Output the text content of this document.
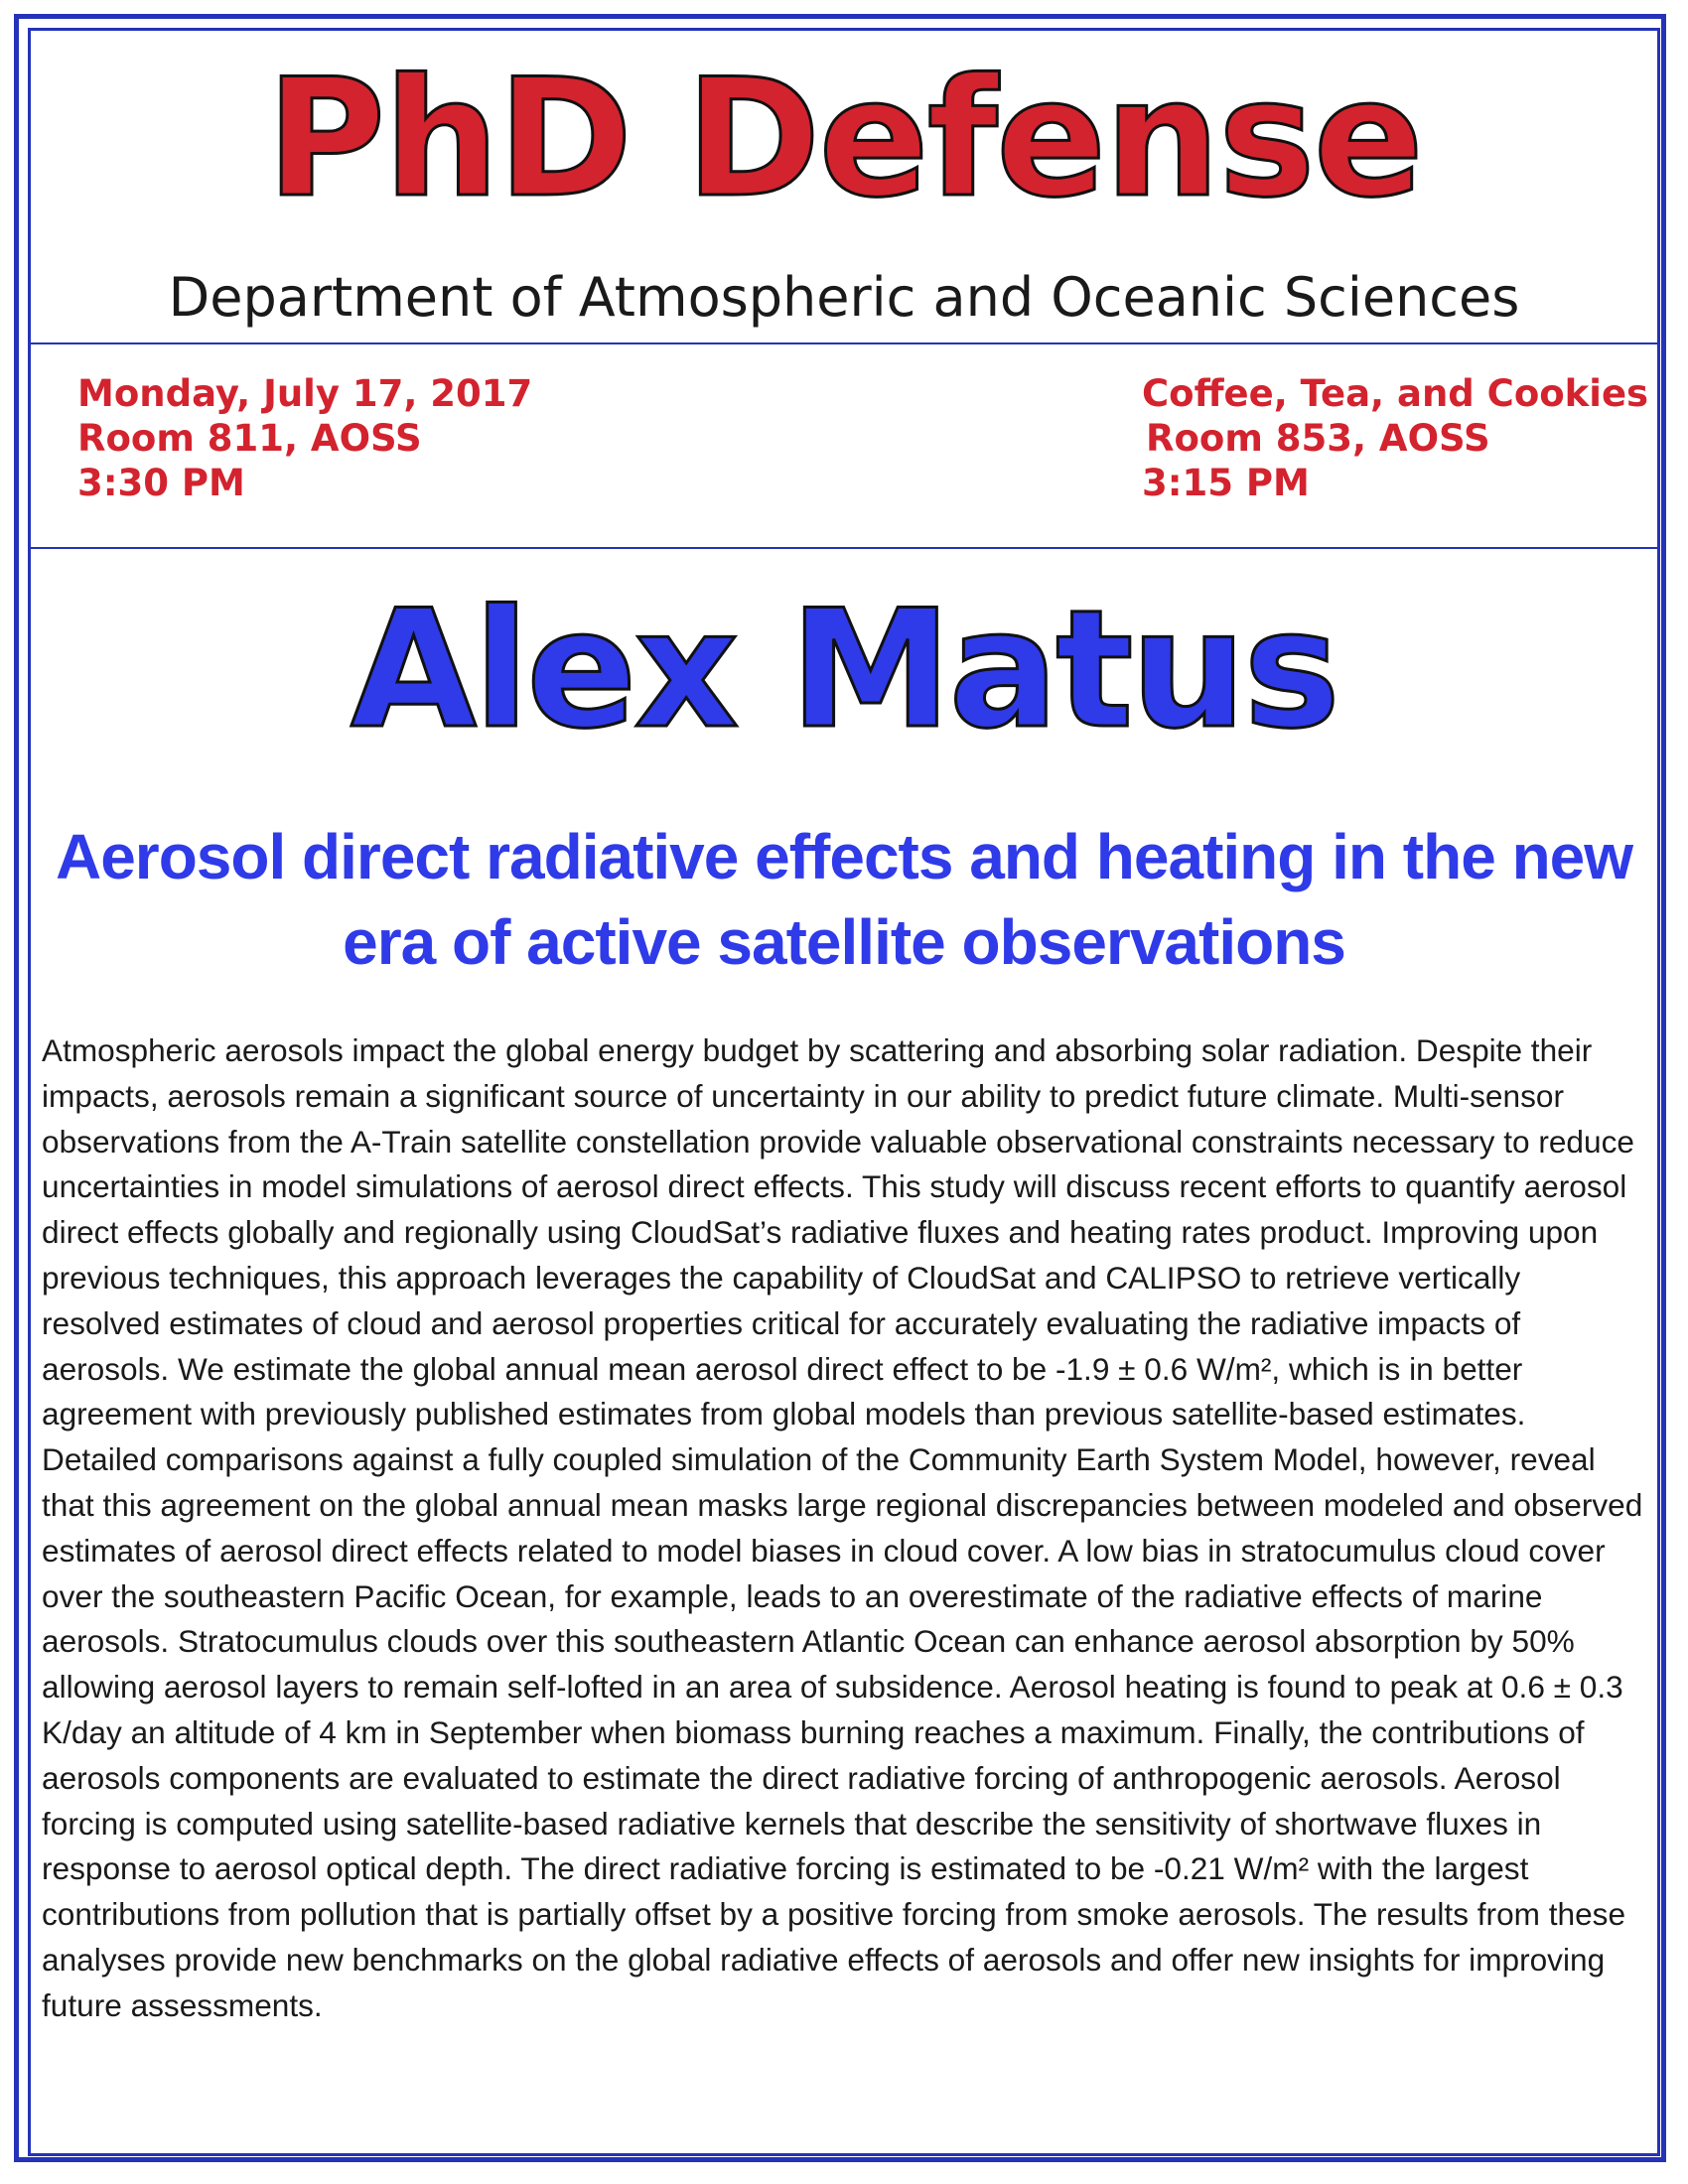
PhD Defense
Department of Atmospheric and Oceanic Sciences
Monday, July 17, 2017
Room 811, AOSS
3:30 PM
Coffee, Tea, and Cookies
Room 853, AOSS
3:15 PM
Alex Matus
Aerosol direct radiative effects and heating in the new era of active satellite observations

Atmospheric aerosols impact the global energy budget by scattering and absorbing solar radiation. Despite their impacts, aerosols remain a significant source of uncertainty in our ability to predict future climate. Multi-sensor observations from the A-Train satellite constellation provide valuable observational constraints necessary to reduce uncertainties in model simulations of aerosol direct effects. This study will discuss recent efforts to quantify aerosol direct effects globally and regionally using CloudSat’s radiative fluxes and heating rates product. Improving upon previous techniques, this approach leverages the capability of CloudSat and CALIPSO to retrieve vertically resolved estimates of cloud and aerosol properties critical for accurately evaluating the radiative impacts of aerosols. We estimate the global annual mean aerosol direct effect to be -1.9 ± 0.6 W/m², which is in better agreement with previously published estimates from global models than previous satellite-based estimates. Detailed comparisons against a fully coupled simulation of the Community Earth System Model, however, reveal that this agreement on the global annual mean masks large regional discrepancies between modeled and observed estimates of aerosol direct effects related to model biases in cloud cover. A low bias in stratocumulus cloud cover over the southeastern Pacific Ocean, for example, leads to an overestimate of the radiative effects of marine aerosols. Stratocumulus clouds over this southeastern Atlantic Ocean can enhance aerosol absorption by 50% allowing aerosol layers to remain self-lofted in an area of subsidence. Aerosol heating is found to peak at 0.6 ± 0.3 K/day an altitude of 4 km in September when biomass burning reaches a maximum. Finally, the contributions of aerosols components are evaluated to estimate the direct radiative forcing of anthropogenic aerosols. Aerosol forcing is computed using satellite-based radiative kernels that describe the sensitivity of shortwave fluxes in response to aerosol optical depth. The direct radiative forcing is estimated to be -0.21 W/m² with the largest contributions from pollution that is partially offset by a positive forcing from smoke aerosols. The results from these analyses provide new benchmarks on the global radiative effects of aerosols and offer new insights for improving future assessments.
